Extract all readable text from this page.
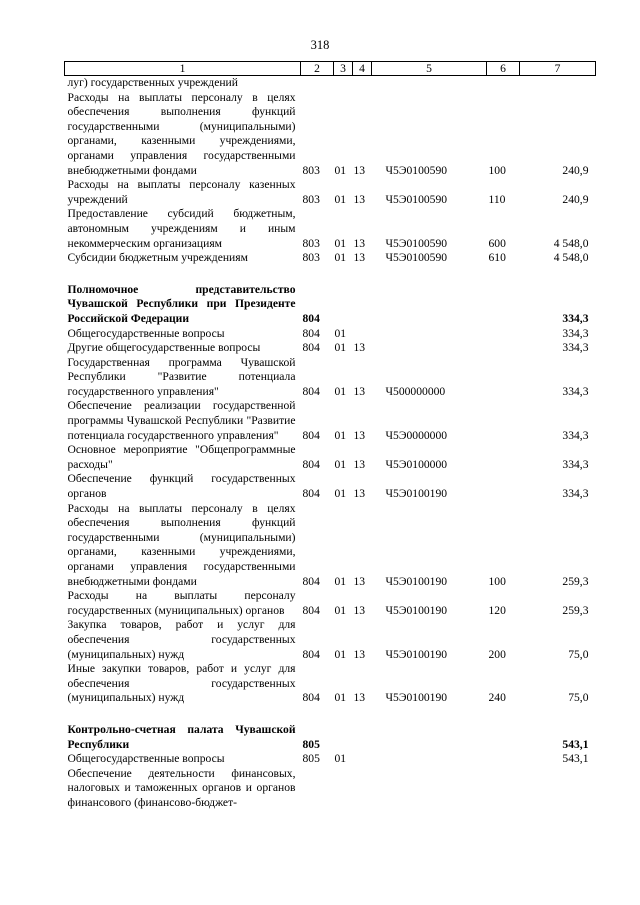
318
1	2	3	4	5	6	7
луг) государственных учреждений						
Расходы на выплаты персоналу в целях обеспечения выполнения функций государственными (муниципальными) органами, казенными учреждениями, органами управления государственными внебюджетными фондами	803	01	13	Ч5Э0100590	100	240,9
Расходы на выплаты персоналу казенных учреждений	803	01	13	Ч5Э0100590	110	240,9
Предоставление субсидий бюджетным, автономным учреждениям и иным некоммерческим организациям	803	01	13	Ч5Э0100590	600	4 548,0
Субсидии бюджетным учреждениям	803	01	13	Ч5Э0100590	610	4 548,0

Полномочное представительство Чувашской Республики при Президенте Российской Федерации	804					334,3
Общегосударственные вопросы	804	01				334,3
Другие общегосударственные вопросы	804	01	13			334,3
Государственная программа Чувашской Республики "Развитие потенциала государственного управления"	804	01	13	Ч500000000		334,3
Обеспечение реализации государственной программы Чувашской Республики "Развитие потенциала государственного управления"	804	01	13	Ч5Э0000000		334,3
Основное мероприятие "Общепрограммные расходы"	804	01	13	Ч5Э0100000		334,3
Обеспечение функций государственных органов	804	01	13	Ч5Э0100190		334,3
Расходы на выплаты персоналу в целях обеспечения выполнения функций государственными (муниципальными) органами, казенными учреждениями, органами управления государственными внебюджетными фондами	804	01	13	Ч5Э0100190	100	259,3
Расходы на выплаты персоналу государственных (муниципальных) органов	804	01	13	Ч5Э0100190	120	259,3
Закупка товаров, работ и услуг для обеспечения государственных (муниципальных) нужд	804	01	13	Ч5Э0100190	200	75,0
Иные закупки товаров, работ и услуг для обеспечения государственных (муниципальных) нужд	804	01	13	Ч5Э0100190	240	75,0

Контрольно-счетная палата Чувашской Республики	805					543,1
Общегосударственные вопросы	805	01				543,1
Обеспечение деятельности финансовых, налоговых и таможенных органов и органов финансового (финансово-бюджет-						
